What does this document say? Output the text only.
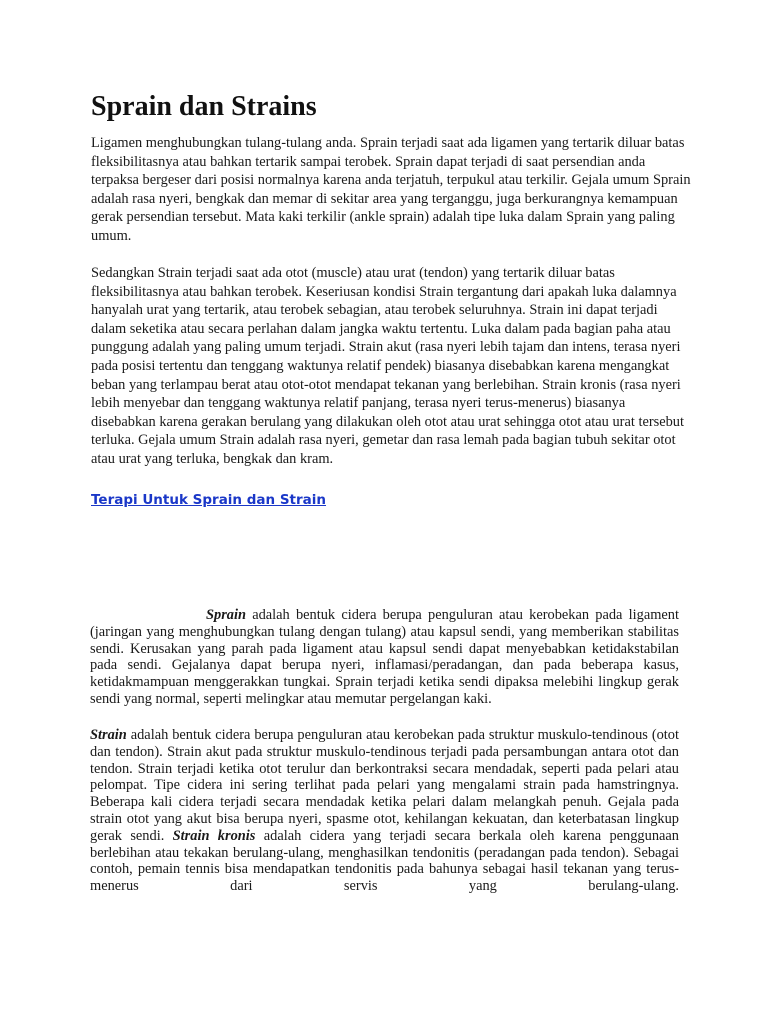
Sprain dan Strains

Ligamen menghubungkan tulang-tulang anda. Sprain terjadi saat ada ligamen yang tertarik diluar batas fleksibilitasnya atau bahkan tertarik sampai terobek. Sprain dapat terjadi di saat persendian anda terpaksa bergeser dari posisi normalnya karena anda terjatuh, terpukul atau terkilir. Gejala umum Sprain adalah rasa nyeri, bengkak dan memar di sekitar area yang terganggu, juga berkurangnya kemampuan gerak persendian tersebut. Mata kaki terkilir (ankle sprain) adalah tipe luka dalam Sprain yang paling umum.

Sedangkan Strain terjadi saat ada otot (muscle) atau urat (tendon) yang tertarik diluar batas fleksibilitasnya atau bahkan terobek. Keseriusan kondisi Strain tergantung dari apakah luka dalamnya hanyalah urat yang tertarik, atau terobek sebagian, atau terobek seluruhnya. Strain ini dapat terjadi dalam seketika atau secara perlahan dalam jangka waktu tertentu. Luka dalam pada bagian paha atau punggung adalah yang paling umum terjadi. Strain akut (rasa nyeri lebih tajam dan intens, terasa nyeri pada posisi tertentu dan tenggang waktunya relatif pendek) biasanya disebabkan karena mengangkat beban yang terlampau berat atau otot-otot mendapat tekanan yang berlebihan. Strain kronis (rasa nyeri lebih menyebar dan tenggang waktunya relatif panjang, terasa nyeri terus-menerus) biasanya disebabkan karena gerakan berulang yang dilakukan oleh otot atau urat sehingga otot atau urat tersebut terluka. Gejala umum Strain adalah rasa nyeri, gemetar dan rasa lemah pada bagian tubuh sekitar otot atau urat yang terluka, bengkak dan kram.

Terapi Untuk Sprain dan Strain

Sprain adalah bentuk cidera berupa penguluran atau kerobekan pada ligament (jaringan yang menghubungkan tulang dengan tulang) atau kapsul sendi, yang memberikan stabilitas sendi. Kerusakan yang parah pada ligament atau kapsul sendi dapat menyebabkan ketidakstabilan pada sendi. Gejalanya dapat berupa nyeri, inflamasi/peradangan, dan pada beberapa kasus, ketidakmampuan menggerakkan tungkai. Sprain terjadi ketika sendi dipaksa melebihi lingkup gerak sendi yang normal, seperti melingkar atau memutar pergelangan kaki.

Strain adalah bentuk cidera berupa penguluran atau kerobekan pada struktur muskulo-tendinous (otot dan tendon). Strain akut pada struktur muskulo-tendinous terjadi pada persambungan antara otot dan tendon. Strain terjadi ketika otot terulur dan berkontraksi secara mendadak, seperti pada pelari atau pelompat. Tipe cidera ini sering terlihat pada pelari yang mengalami strain pada hamstringnya. Beberapa kali cidera terjadi secara mendadak ketika pelari dalam melangkah penuh. Gejala pada strain otot yang akut bisa berupa nyeri, spasme otot, kehilangan kekuatan, dan keterbatasan lingkup gerak sendi. Strain kronis adalah cidera yang terjadi secara berkala oleh karena penggunaan berlebihan atau tekakan berulang-ulang, menghasilkan tendonitis (peradangan pada tendon). Sebagai contoh, pemain tennis bisa mendapatkan tendonitis pada bahunya sebagai hasil tekanan yang terus-menerus dari servis yang berulang-ulang.
